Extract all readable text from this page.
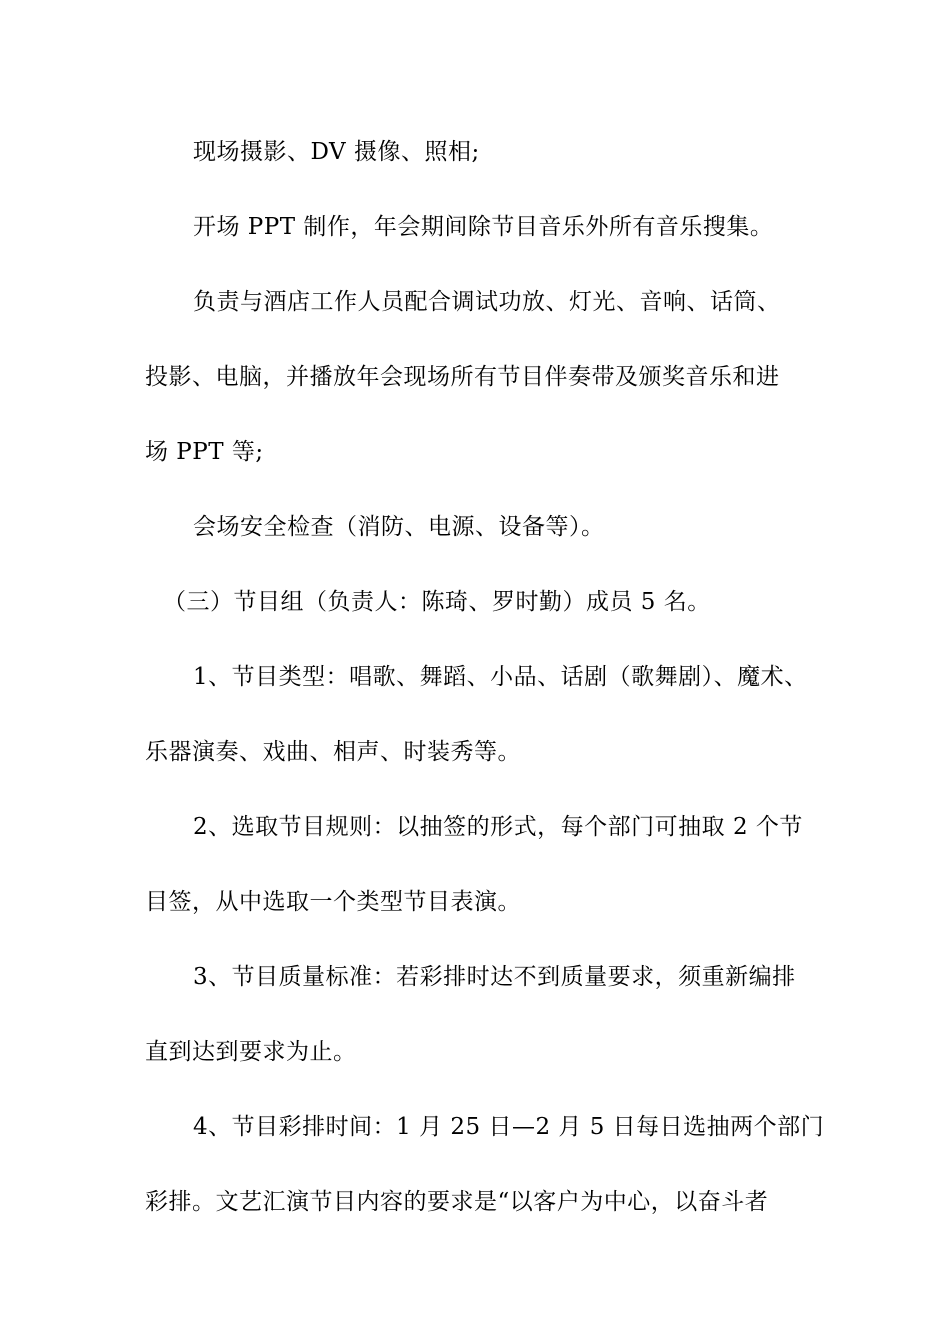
现场摄影、DV 摄像、照相;
开场 PPT 制作，年会期间除节目音乐外所有音乐搜集。
负责与酒店工作人员配合调试功放、灯光、音响、话筒、
投影、电脑，并播放年会现场所有节目伴奏带及颁奖音乐和进
场 PPT 等;
会场安全检查（消防、电源、设备等）。
（三）节目组（负责人：陈琦、罗时勤）成员 5 名。
1、节目类型：唱歌、舞蹈、小品、话剧（歌舞剧）、魔术、
乐器演奏、戏曲、相声、时装秀等。
2、选取节目规则：以抽签的形式，每个部门可抽取 2 个节
目签，从中选取一个类型节目表演。
3、节目质量标准：若彩排时达不到质量要求，须重新编排
直到达到要求为止。
4、节目彩排时间：1 月 25 日—2 月 5 日每日选抽两个部门
彩排。文艺汇演节目内容的要求是“以客户为中心，以奋斗者
